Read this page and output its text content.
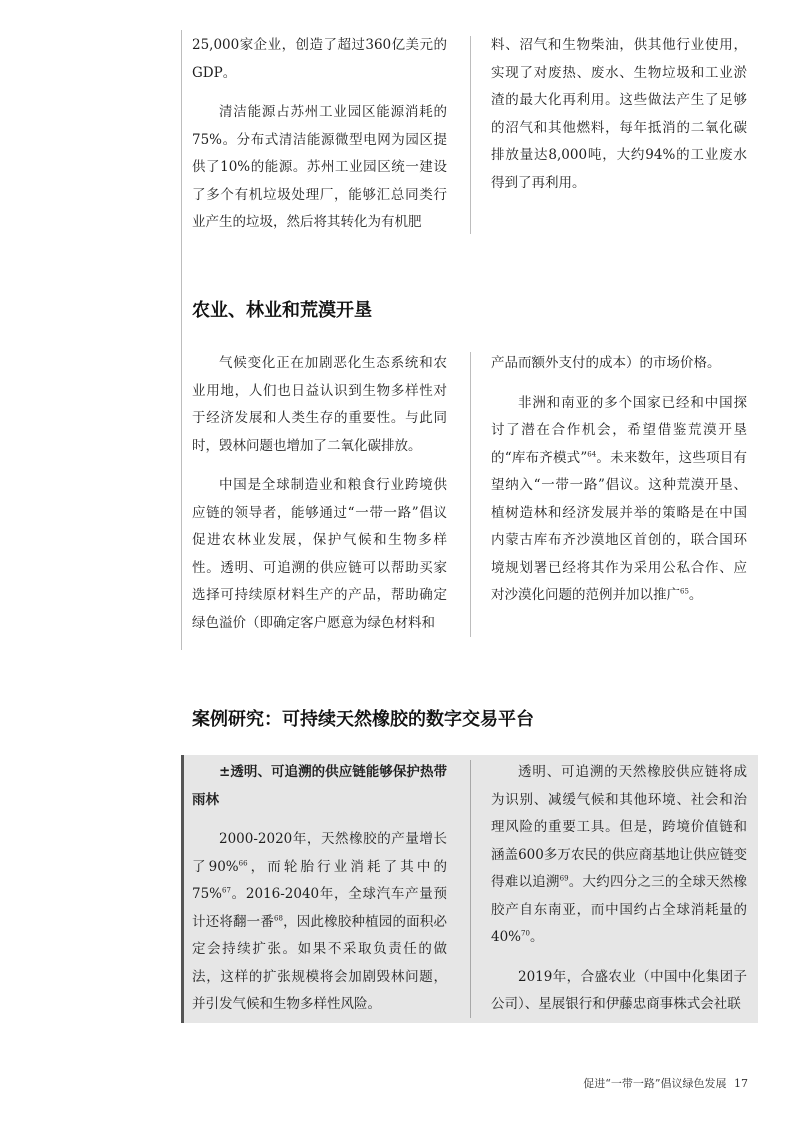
25,000家企业，创造了超过360亿美元的GDP。

清洁能源占苏州工业园区能源消耗的75%。分布式清洁能源微型电网为园区提供了10%的能源。苏州工业园区统一建设了多个有机垃圾处理厂，能够汇总同类行业产生的垃圾，然后将其转化为有机肥

料、沼气和生物柴油，供其他行业使用，实现了对废热、废水、生物垃圾和工业淤渣的最大化再利用。这些做法产生了足够的沼气和其他燃料，每年抵消的二氧化碳排放量达8,000吨，大约94%的工业废水得到了再利用。

农业、林业和荒漠开垦

气候变化正在加剧恶化生态系统和农业用地，人们也日益认识到生物多样性对于经济发展和人类生存的重要性。与此同时，毁林问题也增加了二氧化碳排放。

中国是全球制造业和粮食行业跨境供应链的领导者，能够通过“一带一路”倡议促进农林业发展，保护气候和生物多样性。透明、可追溯的供应链可以帮助买家选择可持续原材料生产的产品，帮助确定绿色溢价（即确定客户愿意为绿色材料和

产品而额外支付的成本）的市场价格。

非洲和南亚的多个国家已经和中国探讨了潜在合作机会，希望借鉴荒漠开垦的“库布齐模式”$^{64}$。未来数年，这些项目有望纳入“一带一路”倡议。这种荒漠开垦、植树造林和经济发展并举的策略是在中国内蒙古库布齐沙漠地区首创的，联合国环境规划署已经将其作为采用公私合作、应对沙漠化问题的范例并加以推广$^{65}$。

案例研究：可持续天然橡胶的数字交易平台

±透明、可追溯的供应链能够保护热带雨林

2000-2020年，天然橡胶的产量增长了90%$^{66}$，而轮胎行业消耗了其中的75%$^{67}$。2016-2040年，全球汽车产量预计还将翻一番$^{68}$，因此橡胶种植园的面积必定会持续扩张。如果不采取负责任的做法，这样的扩张规模将会加剧毁林问题，并引发气候和生物多样性风险。

透明、可追溯的天然橡胶供应链将成为识别、减缓气候和其他环境、社会和治理风险的重要工具。但是，跨境价值链和涵盖600多万农民的供应商基地让供应链变得难以追溯$^{69}$。大约四分之三的全球天然橡胶产自东南亚，而中国约占全球消耗量的40%$^{70}$。

2019年，合盛农业（中国中化集团子公司）、星展银行和伊藤忠商事株式会社联

促进“一带一路”倡议绿色发展 17
